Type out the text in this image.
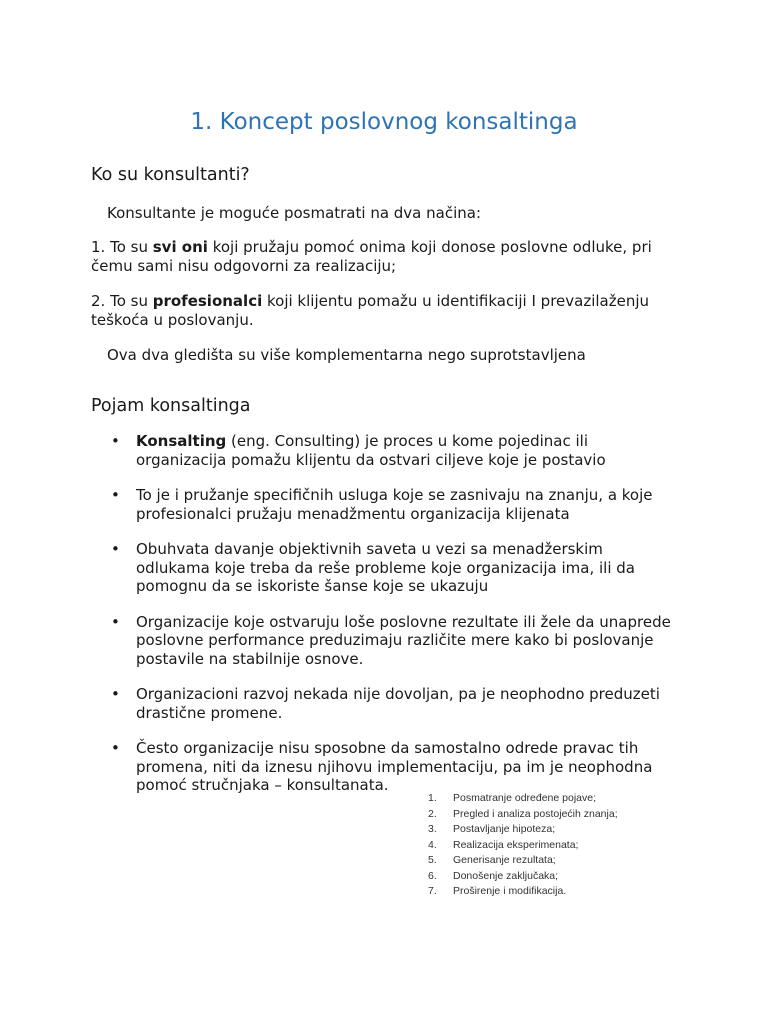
1. Koncept poslovnog konsaltinga
Ko su konsultanti?

Konsultante je moguće posmatrati na dva načina:

1. To su svi oni koji pružaju pomoć onima koji donose poslovne odluke, pri
čemu sami nisu odgovorni za realizaciju;

2. To su profesionalci koji klijentu pomažu u identifikaciji I prevazilaženju
teškoća u poslovanju.

Ova dva gledišta su više komplementarna nego suprotstavljena

Pojam konsaltinga
• Konsalting (eng. Consulting) je proces u kome pojedinac ili
organizacija pomažu klijentu da ostvari ciljeve koje je postavio
• To je i pružanje specifičnih usluga koje se zasnivaju na znanju, a koje
profesionalci pružaju menadžmentu organizacija klijenata
• Obuhvata davanje objektivnih saveta u vezi sa menadžerskim
odlukama koje treba da reše probleme koje organizacija ima, ili da
pomognu da se iskoriste šanse koje se ukazuju
• Organizacije koje ostvaruju loše poslovne rezultate ili žele da unaprede
poslovne performance preduzimaju različite mere kako bi poslovanje
postavile na stabilnije osnove.
• Organizacioni razvoj nekada nije dovoljan, pa je neophodno preduzeti
drastične promene.
• Često organizacije nisu sposobne da samostalno odrede pravac tih
promena, niti da iznesu njihovu implementaciju, pa im je neophodna
pomoć stručnjaka – konsultanata.
1. Posmatranje određene pojave;
2. Pregled i analiza postojećih znanja;
3. Postavljanje hipoteza;
4. Realizacija eksperimenata;
5. Generisanje rezultata;
6. Donošenje zaključaka;
7. Proširenje i modifikacija.
